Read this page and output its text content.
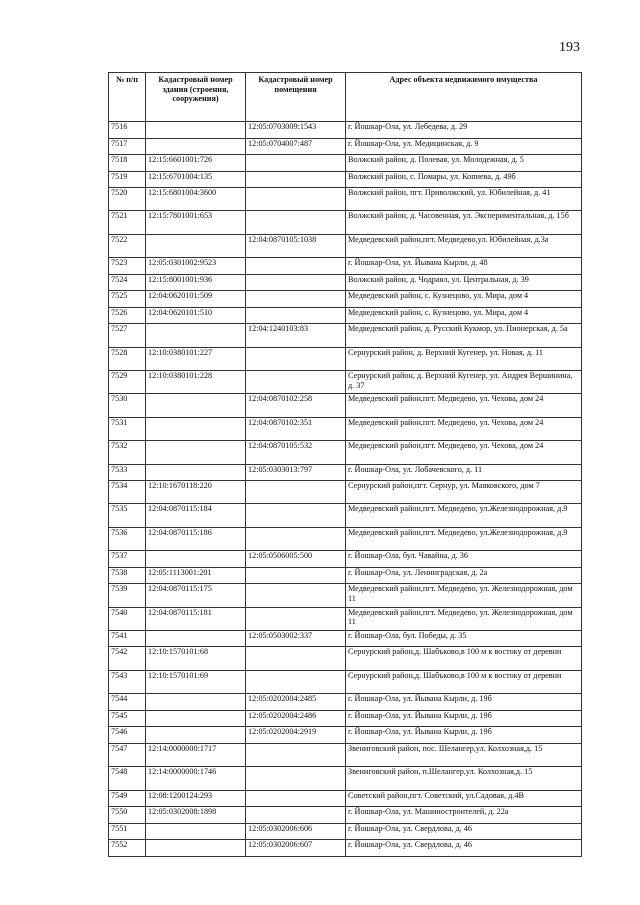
193
№ п/п	Кадастровый номер здания (строения, сооружения)	Кадастровый номер помещения	Адрес объекта недвижимого имущества
7516		12:05:0703009:1543	г. Йошкар-Ола, ул. Лебедева, д. 29
7517		12:05:0704007:487	г. Йошкар-Ола, ул. Медицинская, д. 9
7518	12:15:6601001:726		Волжский район, д. Полевая, ул. Молодежная, д. 5
7519	12:15:6701004:135		Волжский район, с. Помары, ул. Копиева, д. 49б
7520	12:15:6801004:3600		Волжский район, пгт. Приволжский, ул. Юбилейная, д. 41
7521	12:15:7801001:653		Волжский район, д. Часовенная, ул. Экспериментальная, д. 15б
7522		12:04:0870105:1038	Медведевский район,пгт. Медведево,ул. Юбилейная, д.3а
7523	12:05:0301002:9523		г. Йошкар-Ола, ул. Йывана Кырли, д. 48
7524	12:15:8001001:936		Волжский район, д. Чодраял, ул. Центральная, д. 39
7525	12:04:0620101:509		Медведевский район, с. Кузнецово, ул. Мира, дом 4
7526	12:04:0620101:510		Медведевский район, с. Кузнецово, ул. Мира, дом 4
7527		12:04:1240103:83	Медведевский район, д. Русский Кукмор, ул. Пионерская, д. 5а
7528	12:10:0380101:227		Сернурский район, д. Верхний Кугенер, ул. Новая, д. 11
7529	12:10:0380101:228		Сернурский район, д. Верхний Кугенер, ул. Андрея Вершинина, д. 37
7530		12:04:0870102:258	Медведевский район,пгт. Медведево, ул. Чехова, дом 24
7531		12:04:0870102:351	Медведевский район,пгт. Медведево, ул. Чехова, дом 24
7532		12:04:0870105:532	Медведевский район,пгт. Медведево, ул. Чехова, дом 24
7533		12:05:0303013:797	г. Йошкар-Ола, ул. Лобачевского, д. 11
7534	12:10:1670118:220		Сернурский район,пгт. Сернур, ул. Маяковского, дом 7
7535	12:04:0870115:184		Медведевский район,пгт. Медведево, ул.Железнодорожная, д.9
7536	12:04:0870115:186		Медведевский район,пгт. Медведево, ул.Железнодорожная, д.9
7537		12:05:0506005:500	г. Йошкар-Ола, бул. Чавайна, д. 36
7538	12:05:1113001:201		г. Йошкар-Ола, ул. Ленинградская, д. 2а
7539	12:04:0870115:175		Медведевский район,пгт. Медведево, ул. Железнодорожная, дом 11
7540	12:04:0870115:181		Медведевский район,пгт. Медведево, ул. Железнодорожная, дом 11
7541		12:05:0503002:337	г. Йошкар-Ола, бул. Победы, д. 35
7542	12:10:1570101:68		Сернурский район,д. Шабъково,в 100 м к востоку от деревни
7543	12:10:1570101:69		Сернурский район,д. Шабъково,в 100 м к востоку от деревни
7544		12:05:0202004:2485	г. Йошкар-Ола, ул. Йывана Кырли, д. 19б
7545		12:05:0202004:2486	г. Йошкар-Ола, ул. Йывана Кырли, д. 19б
7546		12:05:0202004:2919	г. Йошкар-Ола, ул. Йывана Кырли, д. 19б
7547	12:14:0000000:1717		Звениговский район, пос. Шелангер,ул. Колхозная,д. 15
7548	12:14:0000000:1746		Звениговский район, п.Шелангер,ул. Колхозная,д. 15
7549	12:08:1200124:293		Советский район,пгт. Советский, ул.Садовая, д.4В
7550	12:05:0302008:1898		г. Йошкар-Ола, ул. Машиностроителей, д. 22а
7551		12:05:0302006:606	г. Йошкар-Ола, ул. Свердлова, д. 46
7552		12:05:0302006:607	г. Йошкар-Ола, ул. Свердлова, д. 46
